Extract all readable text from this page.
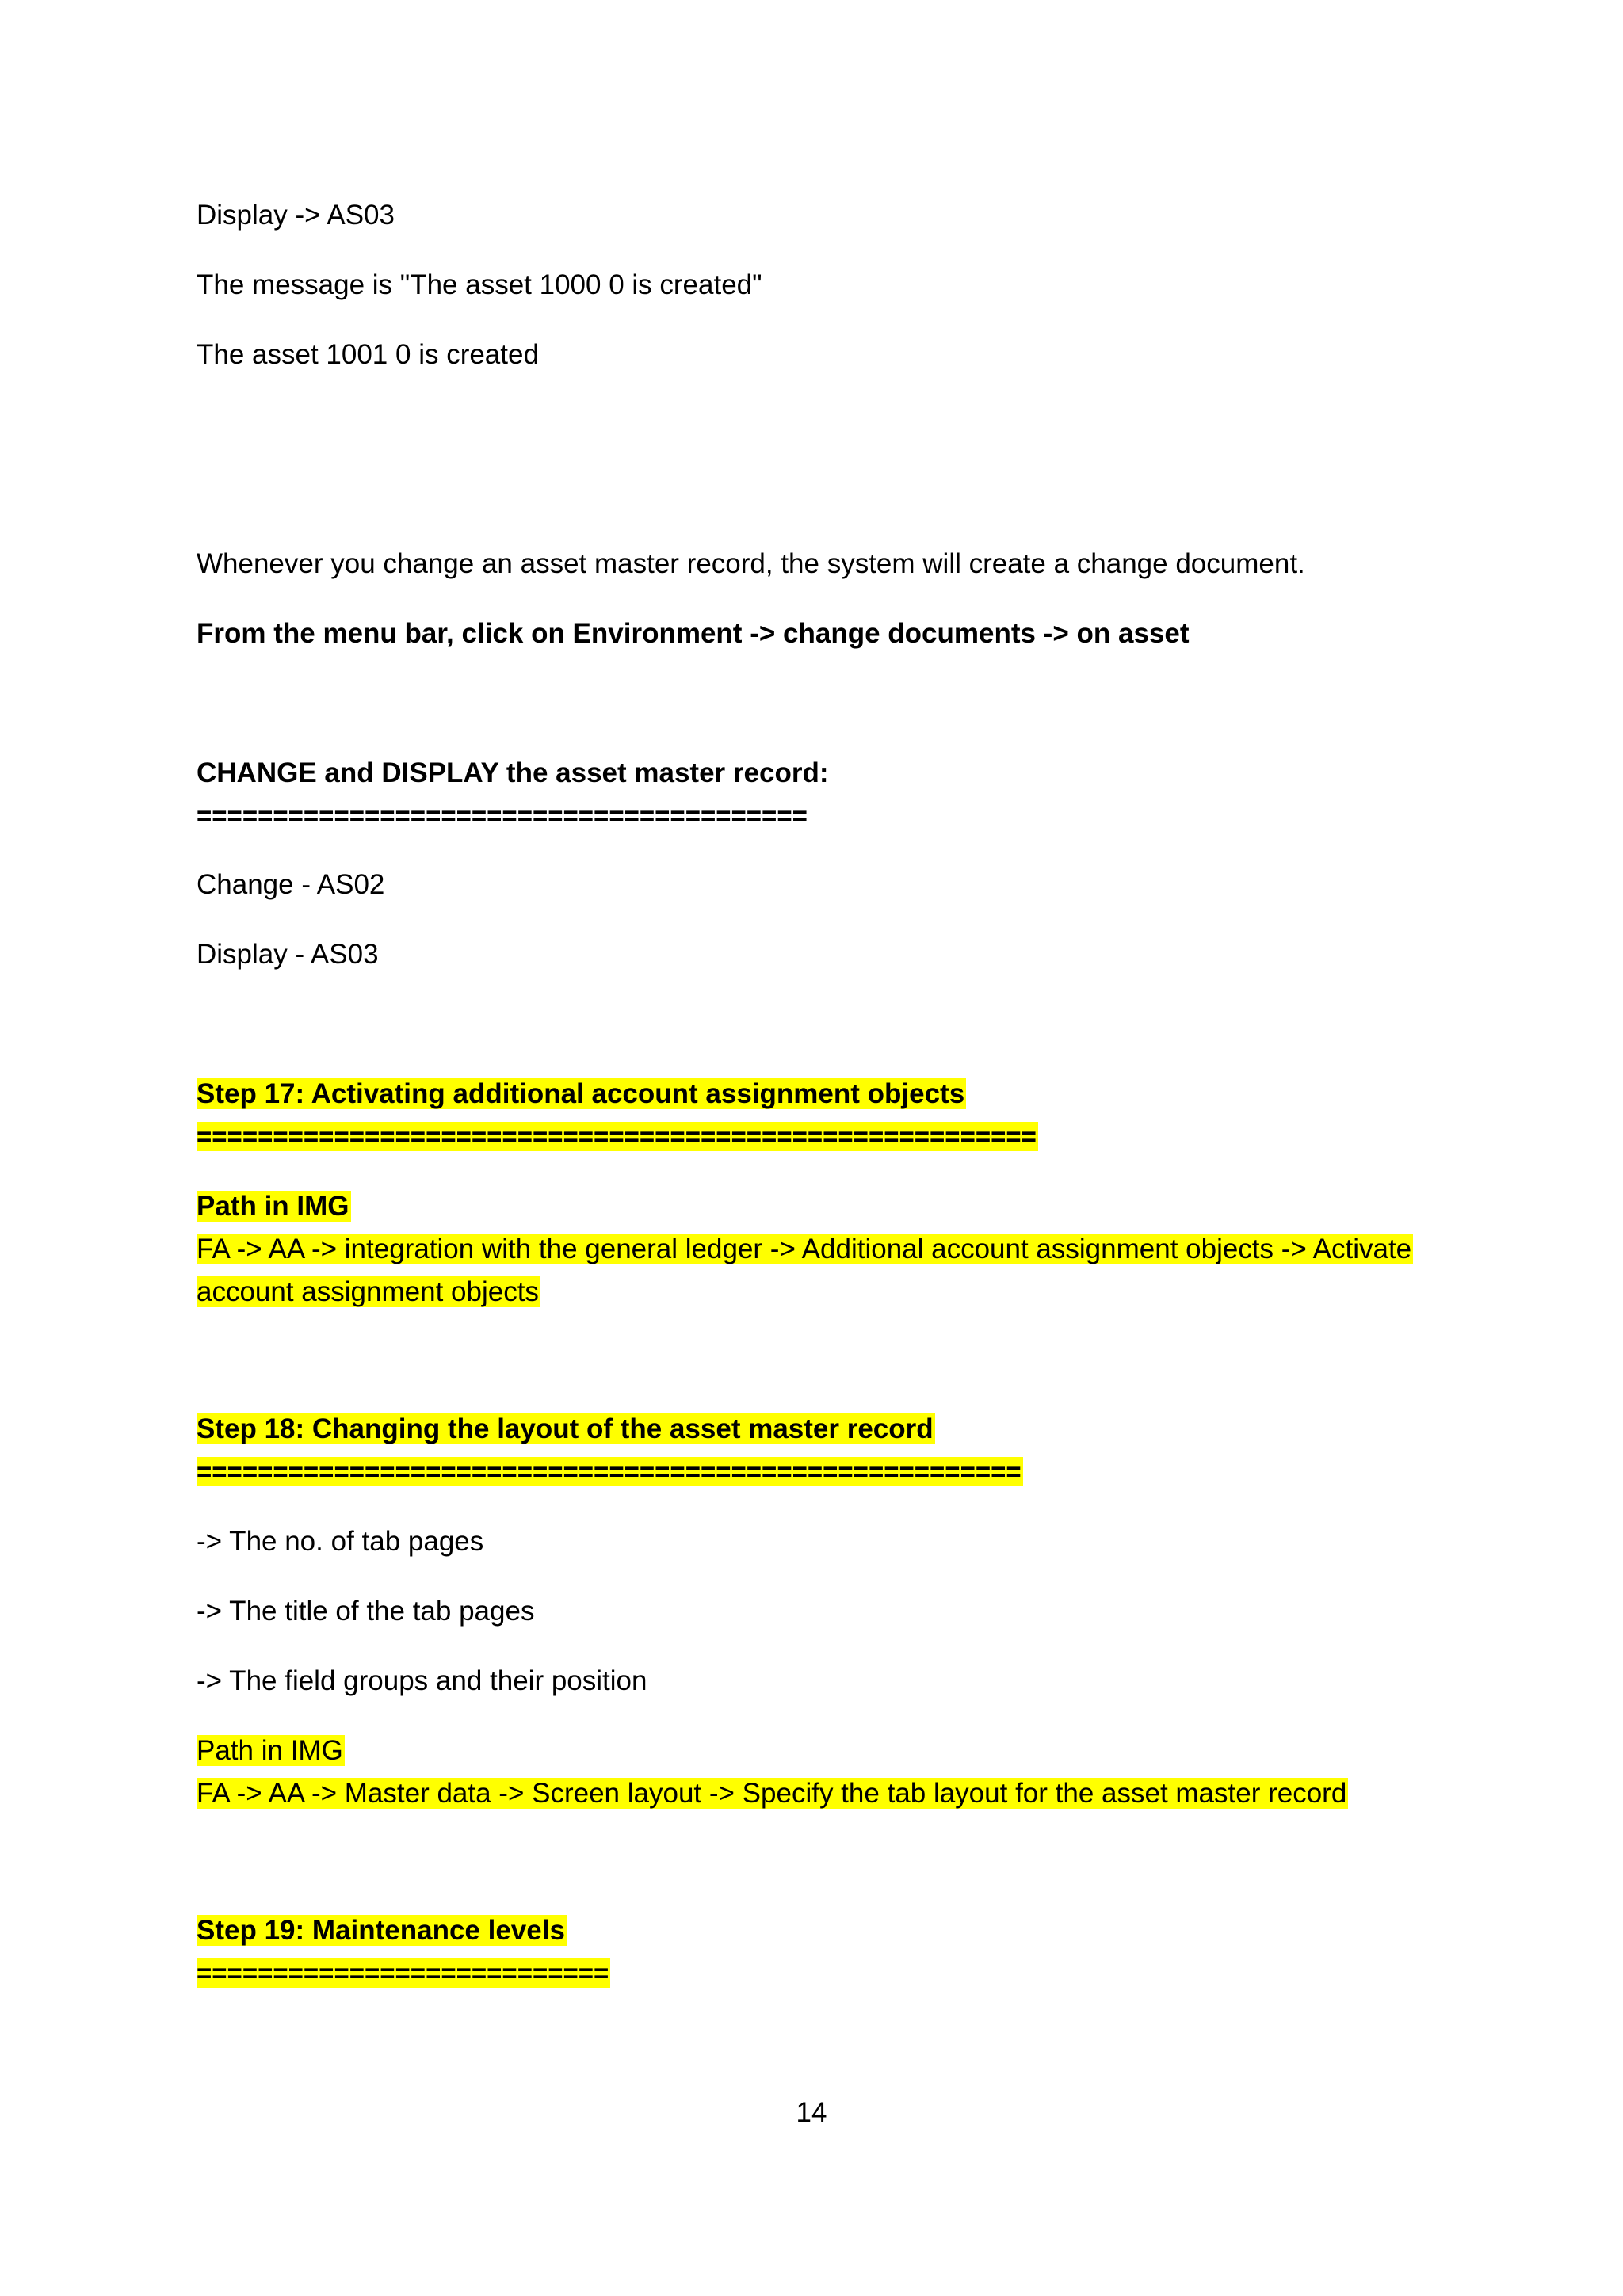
Display -> AS03
The message is "The asset 1000 0 is created"
The asset 1001 0 is created
Whenever you change an asset master record, the system will create a change document.
From the menu bar, click on Environment -> change documents -> on asset
CHANGE and DISPLAY the asset master record:
========================================
Change - AS02
Display - AS03
Step 17: Activating additional account assignment objects
=======================================================
Path in IMG
FA -> AA -> integration with the general ledger -> Additional account assignment objects -> Activate
account assignment objects
Step 18: Changing the layout of the asset master record
======================================================
-> The no. of tab pages
-> The title of the tab pages
-> The field groups and their position
Path in IMG
FA -> AA -> Master data -> Screen layout -> Specify the tab layout for the asset master record
Step 19: Maintenance levels
===========================
14
